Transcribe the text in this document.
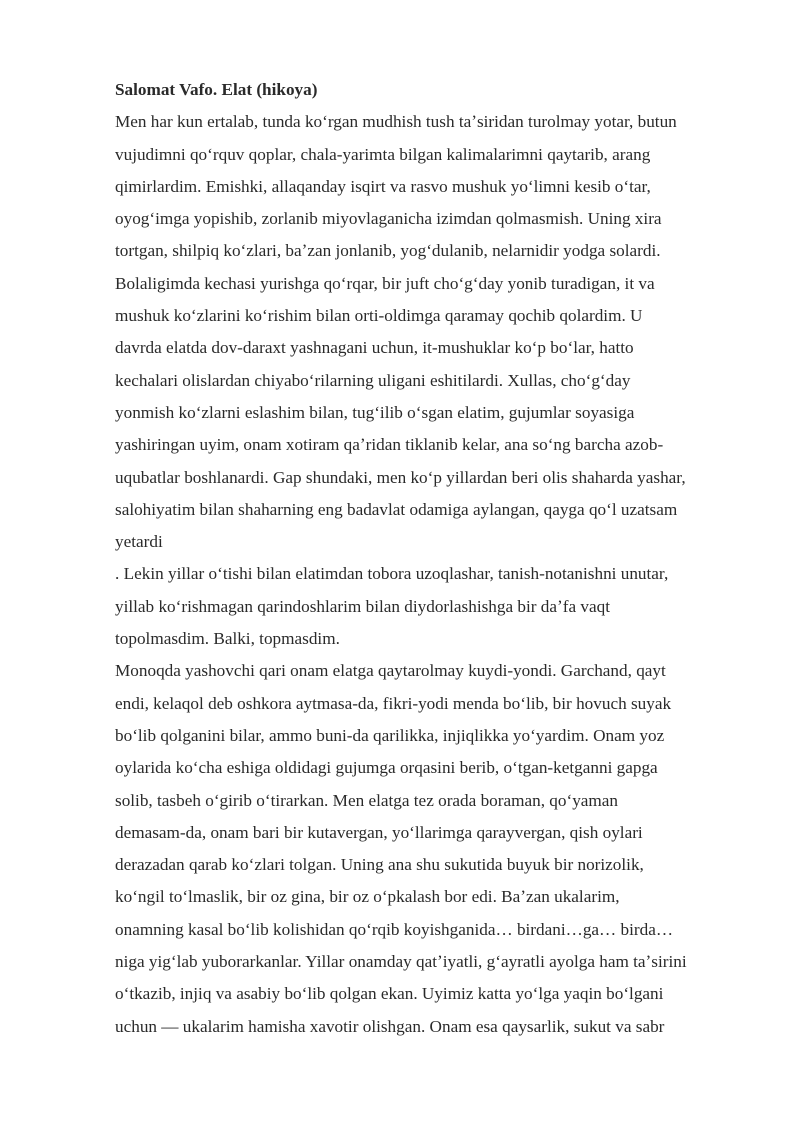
Salomat Vafo. Elat (hikoya)

Men har kun ertalab, tunda koʻrgan mudhish tush taʼsiridan turolmay yotar, butun

vujudimni qoʻrquv qoplar, chala-yarimta bilgan kalimalarimni qaytarib, arang

qimirlardim. Emishki, allaqanday isqirt va rasvo mushuk yoʻlimni kesib oʻtar,

oyogʻimga yopishib, zorlanib miyovlaganicha izimdan qolmasmish. Uning xira

tortgan, shilpiq koʻzlari, baʼzan jonlanib, yogʻdulanib, nelarnidir yodga solardi.

Bolaligimda kechasi yurishga qoʻrqar, bir juft choʻgʻday yonib turadigan, it va

mushuk koʻzlarini koʻrishim bilan orti-oldimga qaramay qochib qolardim. U

davrda elatda dov-daraxt yashnagani uchun, it-mushuklar koʻp boʻlar, hatto

kechalari olislardan chiyaboʻrilarning uligani eshitilardi. Xullas, choʻgʻday

yonmish koʻzlarni eslashim bilan, tugʻilib oʻsgan elatim, gujumlar soyasiga

yashiringan uyim, onam xotiram qaʼridan tiklanib kelar, ana soʻng barcha azob-

uqubatlar boshlanardi. Gap shundaki, men koʻp yillardan beri olis shaharda yashar,

salohiyatim bilan shaharning eng badavlat odamiga aylangan, qayga qoʻl uzatsam

yetardi

. Lekin yillar oʻtishi bilan elatimdan tobora uzoqlashar, tanish-notanishni unutar,

yillab koʻrishmagan qarindoshlarim bilan diydorlashishga bir daʼfa vaqt

topolmasdim. Balki, topmasdim.

Monoqda yashovchi qari onam elatga qaytarolmay kuydi-yondi. Garchand, qayt

endi, kelaqol deb oshkora aytmasa-da, fikri-yodi menda boʻlib, bir hovuch suyak

boʻlib qolganini bilar, ammo buni-da qarilikka, injiqlikka yoʻyardim. Onam yoz

oylarida koʻcha eshiga oldidagi gujumga orqasini berib, oʻtgan-ketganni gapga

solib, tasbeh oʻgirib oʻtirarkan. Men elatga tez orada boraman, qoʻyaman

demasam-da, onam bari bir kutavergan, yoʻllarimga qarayvergan, qish oylari

derazadan qarab koʻzlari tolgan. Uning ana shu sukutida buyuk bir norizolik,

koʻngil toʻlmaslik, bir oz gina, bir oz oʻpkalash bor edi. Baʼzan ukalarim,

onamning kasal boʻlib kolishidan qoʻrqib koyishganida… birdani…ga… birda…

niga yigʻlab yuborarkanlar. Yillar onamday qatʼiyatli, gʻayratli ayolga ham taʼsirini

oʻtkazib, injiq va asabiy boʻlib qolgan ekan. Uyimiz katta yoʻlga yaqin boʻlgani

uchun — ukalarim hamisha xavotir olishgan. Onam esa qaysarlik, sukut va sabr
